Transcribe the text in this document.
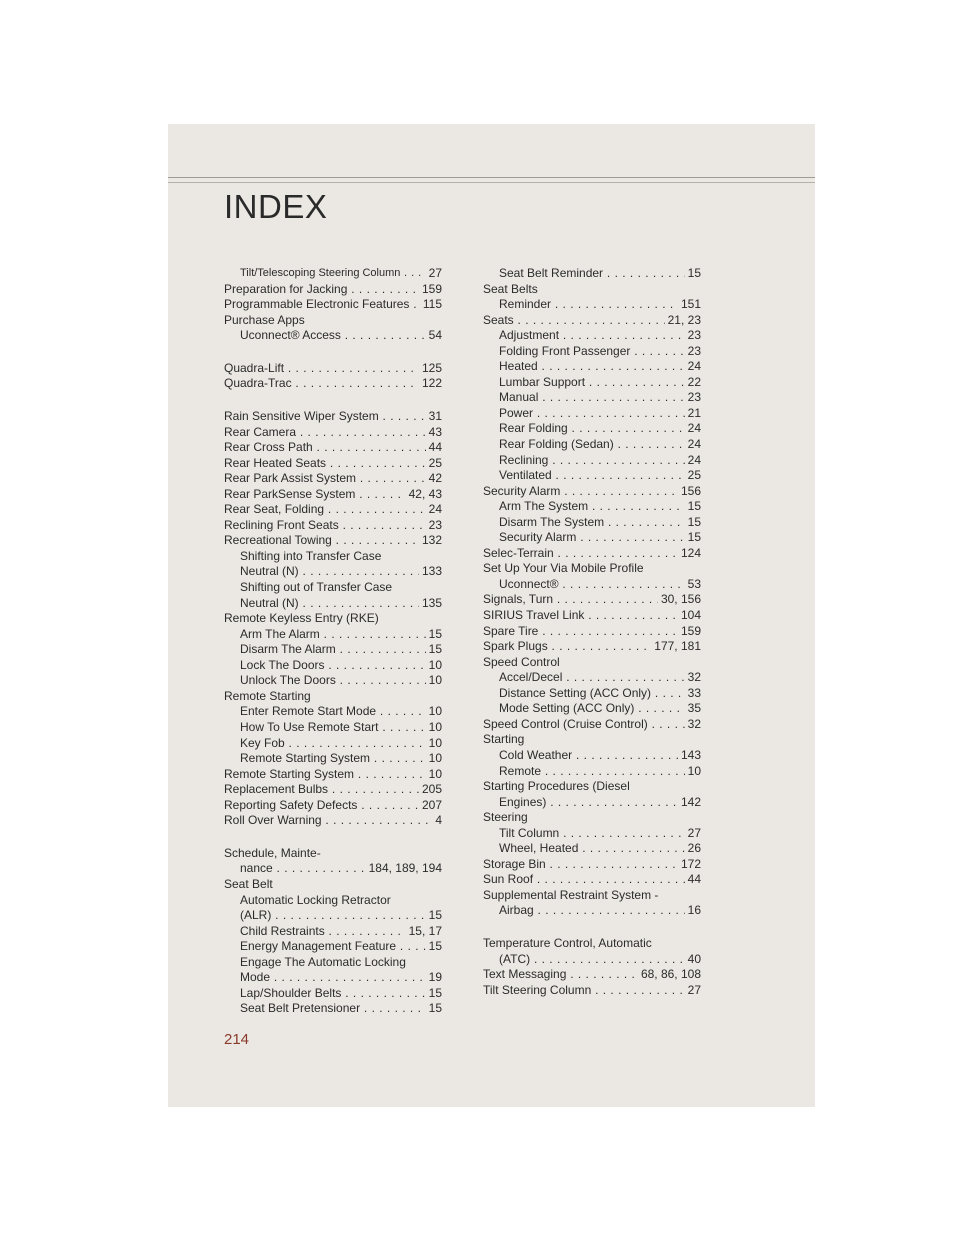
INDEX
Tilt/Telescoping Steering Column . . . 27
Preparation for Jacking . . .	159
Programmable Electronic Features . . . 115
Purchase Apps
Uconnect® Access . . .	54
Quadra-Lift . . .	125
Quadra-Trac . . .	122
Rain Sensitive Wiper System . . .	31
Rear Camera . . .	43
Rear Cross Path . . .	44
Rear Heated Seats . . .	25
Rear Park Assist System . . .	42
Rear ParkSense System . . .	42, 43
Rear Seat, Folding . . .	24
Reclining Front Seats . . .	23
Recreational Towing . . .	132
Shifting into Transfer Case
Neutral (N) . . .	133
Shifting out of Transfer Case
Neutral (N) . . .	135
Remote Keyless Entry (RKE)
Arm The Alarm . . .	15
Disarm The Alarm . . .	15
Lock The Doors . . .	10
Unlock The Doors . . .	10
Remote Starting
Enter Remote Start Mode . . .	10
How To Use Remote Start . . .	10
Key Fob . . .	10
Remote Starting System . . .	10
Remote Starting System . . .	10
Replacement Bulbs . . .	205
Reporting Safety Defects . . .	207
Roll Over Warning . . .	4
Schedule, Mainte-
nance . . .	184, 189, 194
Seat Belt
Automatic Locking Retractor
(ALR) . . .	15
Child Restraints . . .	15, 17
Energy Management Feature . . .	15
Engage The Automatic Locking
Mode . . .	19
Lap/Shoulder Belts . . .	15
Seat Belt Pretensioner . . .	15
Seat Belt Reminder . . .	15
Seat Belts
Reminder . . .	151
Seats . . .	21, 23
Adjustment . . .	23
Folding Front Passenger . . .	23
Heated . . .	24
Lumbar Support . . .	22
Manual . . .	23
Power . . .	21
Rear Folding . . .	24
Rear Folding (Sedan) . . .	24
Reclining . . .	24
Ventilated . . .	25
Security Alarm . . .	156
Arm The System . . .	15
Disarm The System . . .	15
Security Alarm . . .	15
Selec-Terrain . . .	124
Set Up Your Via Mobile Profile
Uconnect® . . .	53
Signals, Turn . . .	30, 156
SIRIUS Travel Link . . .	104
Spare Tire . . .	159
Spark Plugs . . .	177, 181
Speed Control
Accel/Decel . . .	32
Distance Setting (ACC Only) . . .	33
Mode Setting (ACC Only) . . .	35
Speed Control (Cruise Control) . . .	32
Starting
Cold Weather . . .	143
Remote . . .	10
Starting Procedures (Diesel
Engines) . . .	142
Steering
Tilt Column . . .	27
Wheel, Heated . . .	26
Storage Bin . . .	172
Sun Roof . . .	44
Supplemental Restraint System -
Airbag . . .	16
Temperature Control, Automatic
(ATC) . . .	40
Text Messaging . . .	68, 86, 108
Tilt Steering Column . . .	27
214
